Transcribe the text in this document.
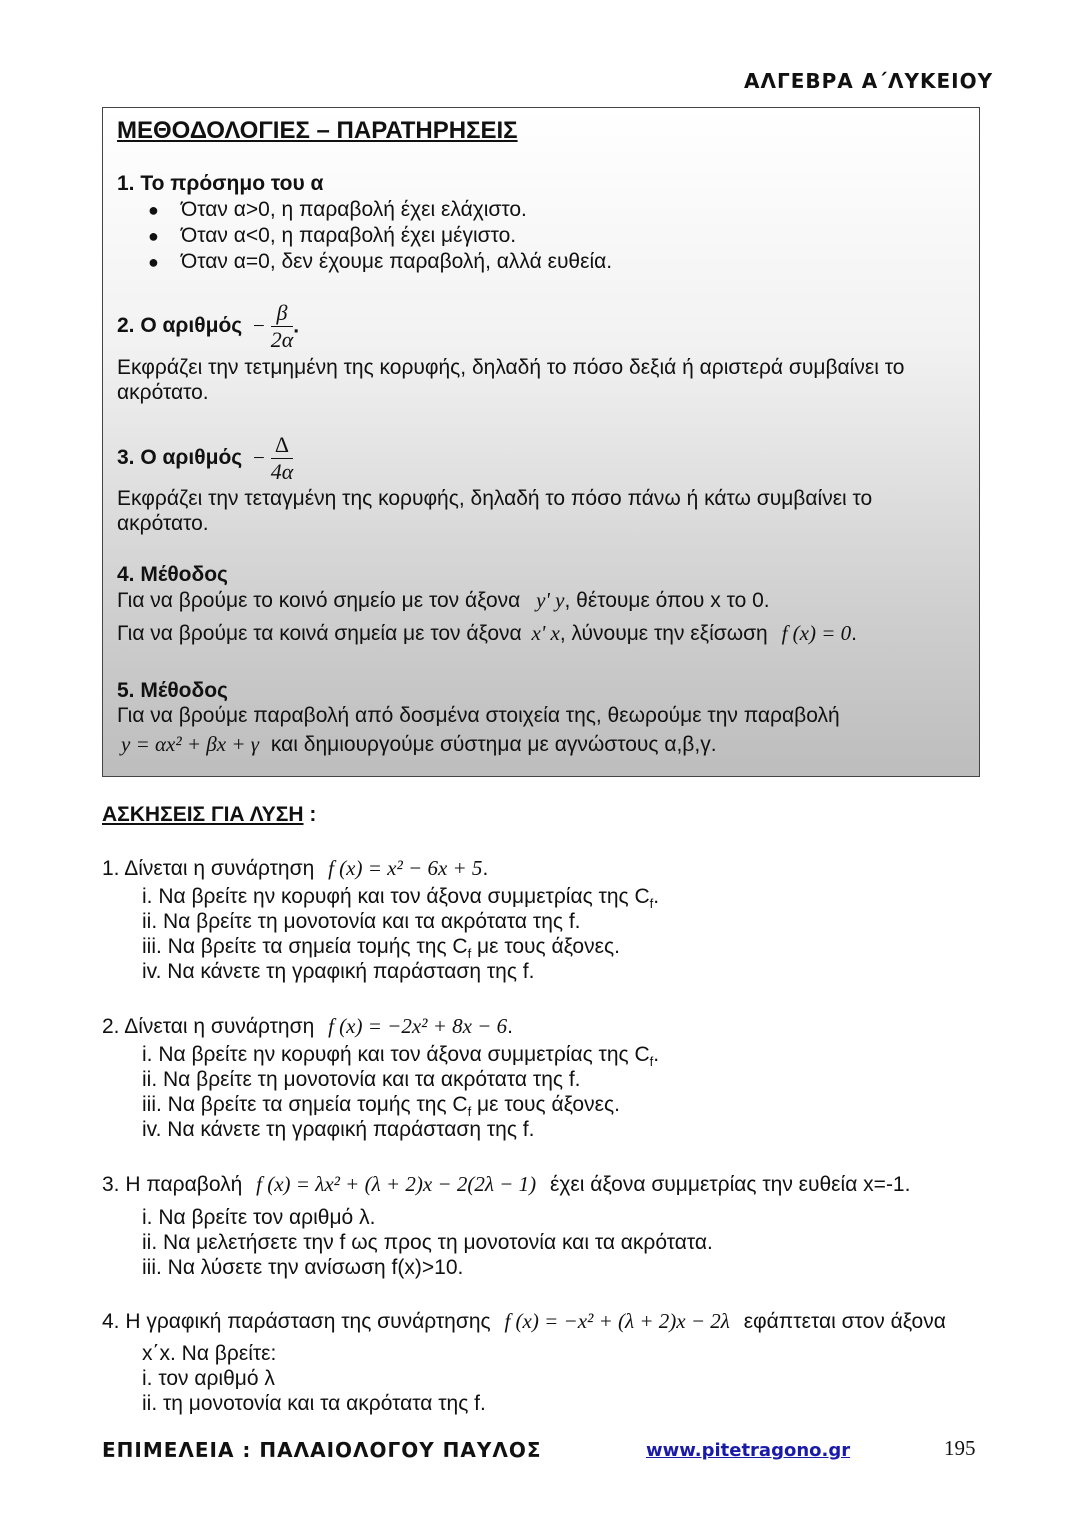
ΑΛΓΕΒΡΑ Α΄ΛΥΚΕΙΟΥ
ΜΕΘΟΔΟΛΟΓΙΕΣ – ΠΑΡΑΤΗΡΗΣΕΙΣ
1. Το πρόσημο του α
● Όταν α>0, η παραβολή έχει ελάχιστο.
● Όταν α<0, η παραβολή έχει μέγιστο.
● Όταν α=0, δεν έχουμε παραβολή, αλλά ευθεία.
2. Ο $\alpha\rho\iota\theta\mu ό\varsigma - \frac{\beta}{2\alpha}$ .
Εκφράζει την τετμημένη της κορυφής, δηλαδή το πόσο δεξιά ή αριστερά συμβαίνει το
ακρότατο.
3. Ο $\alpha\rho\iota\theta\mu ό\varsigma - \frac{\Delta}{4\alpha}$
Εκφράζει την τεταγμένη της κορυφής, δηλαδή το πόσο πάνω ή κάτω συμβαίνει το
ακρότατο.
4. Μέθοδος
Για να βρούμε το κοινό σημείο με τον άξονα y' y, θέτουμε όπου x το 0.
Για να βρούμε τα κοινά σημεία με τον άξονα x' x, λύνουμε την εξίσωση f (x) = 0.
5. Μέθοδος
Για να βρούμε παραβολή από δοσμένα στοιχεία της, θεωρούμε την παραβολή
y = αx² + βx + γ και δημιουργούμε σύστημα με αγνώστους α,β,γ.
ΑΣΚΗΣΕΙΣ ΓΙΑ ΛΥΣΗ :
1. Δίνεται η συνάρτηση f (x) = x² − 6x + 5.
i. Να βρείτε ην κορυφή και τον άξονα συμμετρίας της $C_f$.
ii. Να βρείτε τη μονοτονία και τα ακρότατα της f.
iii. Να βρείτε τα σημεία τομής της $C_f$ με τους άξονες.
iv. Να κάνετε τη γραφική παράσταση της f.
2. Δίνεται η συνάρτηση f (x) = −2x² + 8x − 6.
i. Να βρείτε ην κορυφή και τον άξονα συμμετρίας της $C_f$.
ii. Να βρείτε τη μονοτονία και τα ακρότατα της f.
iii. Να βρείτε τα σημεία τομής της $C_f$ με τους άξονες.
iv. Να κάνετε τη γραφική παράσταση της f.
3. Η παραβολή f (x) = λx² + (λ + 2)x − 2(2λ − 1) έχει άξονα συμμετρίας την ευθεία x=-1.
i. Να βρείτε τον αριθμό λ.
ii. Να μελετήσετε την f ως προς τη μονοτονία και τα ακρότατα.
iii. Να λύσετε την ανίσωση f(x)>10.
4. Η γραφική παράσταση της συνάρτησης f (x) = −x² + (λ + 2)x − 2λ εφάπτεται στον άξονα
x΄x. Να βρείτε:
i. τον αριθμό λ
ii. τη μονοτονία και τα ακρότατα της f.
ΕΠΙΜΕΛΕΙΑ : ΠΑΛΑΙΟΛΟΓΟΥ ΠΑΥΛΟΣ	www.pitetragono.gr	195
